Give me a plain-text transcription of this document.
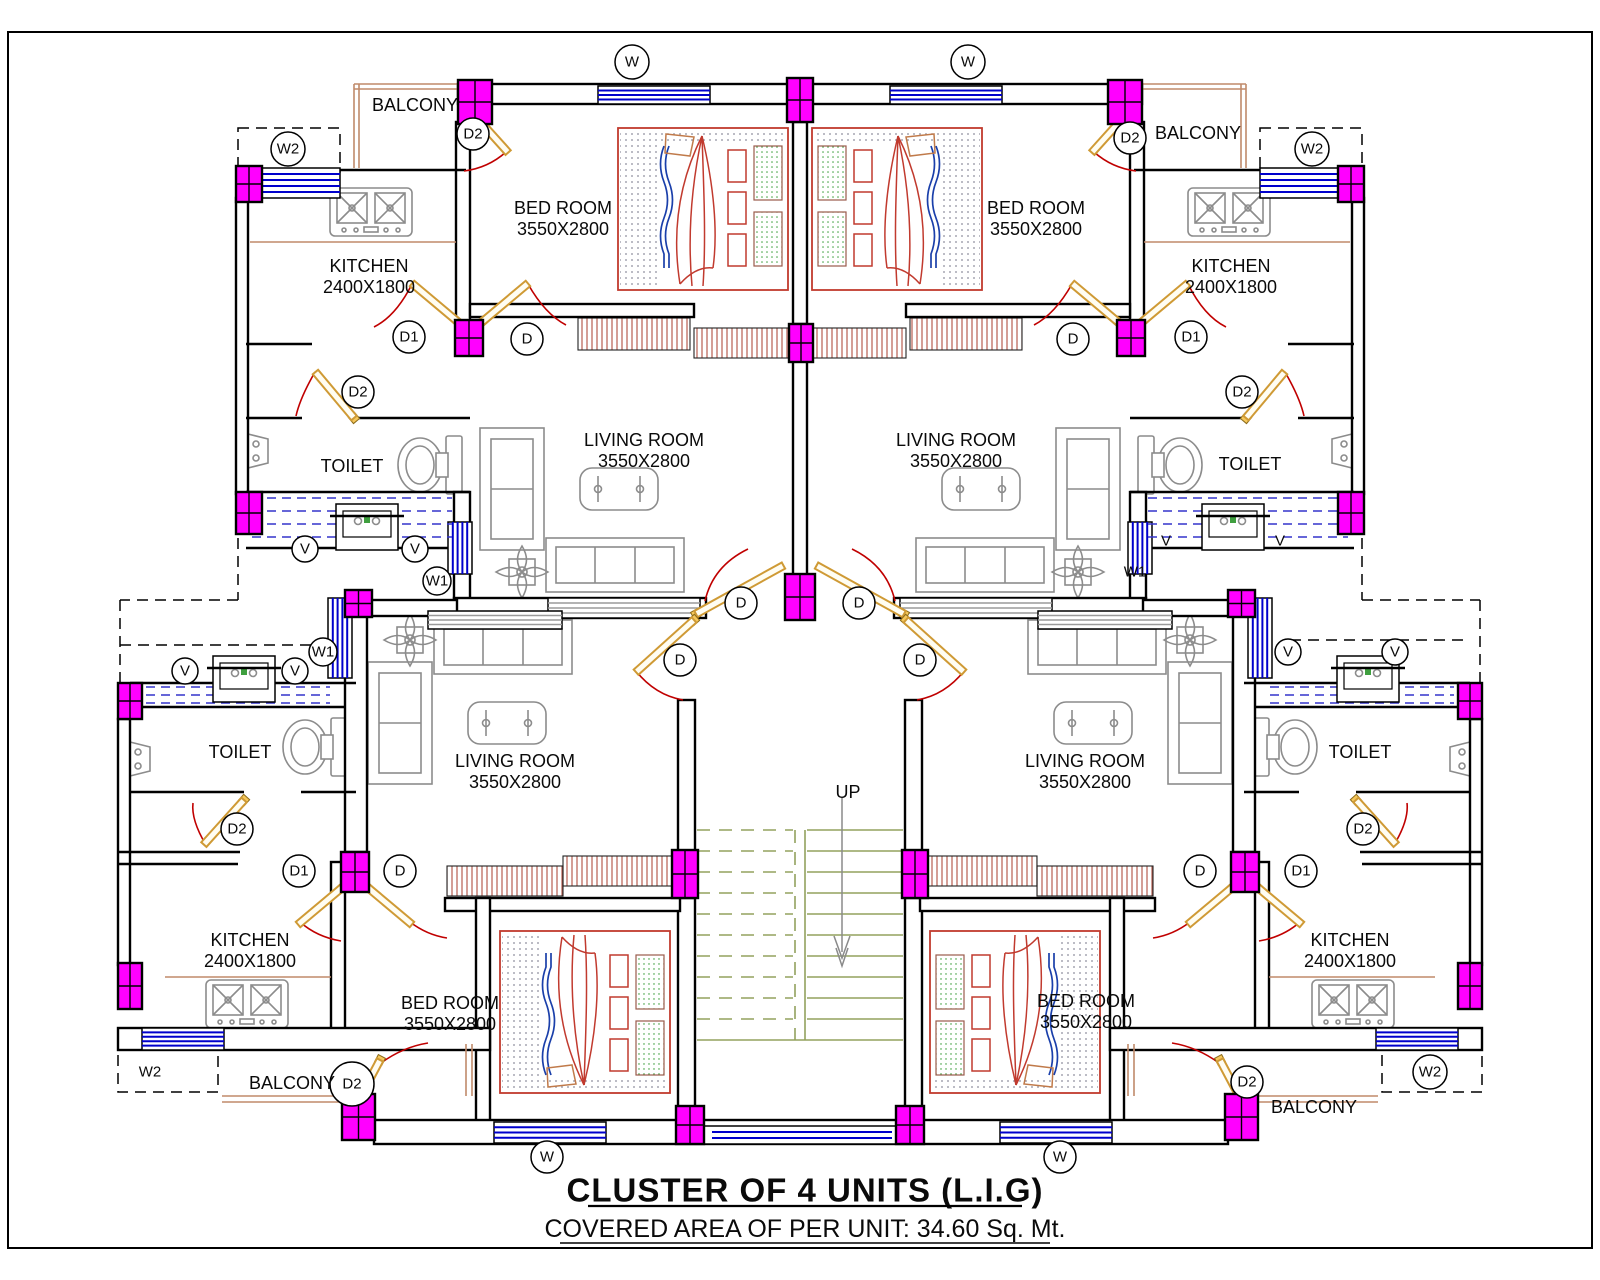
W	W
W2	W2
D2	D2
D1	D	D	D1
D2	D2
V	V
W1
V	V
W1
D	D
D	D
V	V
W1	V	V
D2	D2
D1	D	D	D1
D2	D2
W2	W2
W	W
BED ROOM
3550X2800
BED ROOM
3550X2800
BED ROOM
3550X2800
BED ROOM
3550X2800
LIVING ROOM
3550X2800
LIVING ROOM
3550X2800
LIVING ROOM
3550X2800
LIVING ROOM
3550X2800
KITCHEN
2400X1800
KITCHEN
2400X1800
KITCHEN
2400X1800
KITCHEN
2400X1800
TOILET	TOILET
TOILET	TOILET
BALCONY
BALCONY
BALCONY
BALCONY
UP
CLUSTER OF 4 UNITS (L.I.G)
COVERED AREA OF PER UNIT: 34.60 Sq. Mt.
